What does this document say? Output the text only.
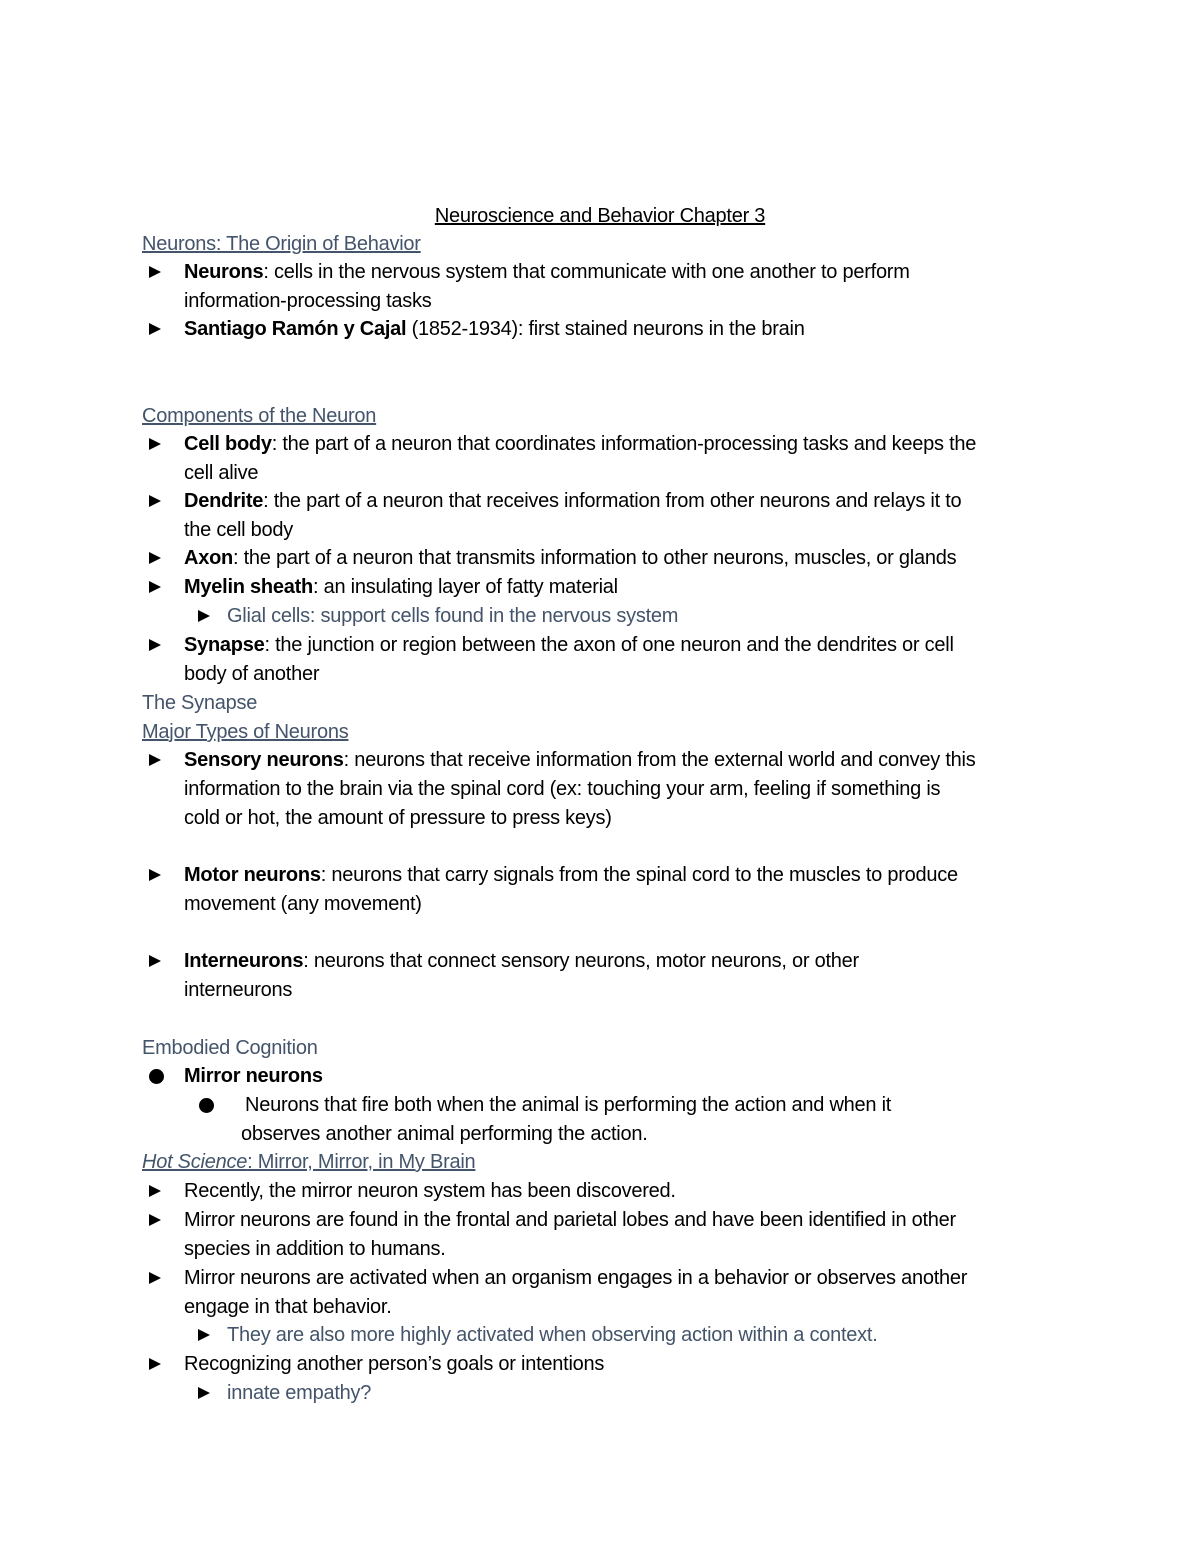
Neuroscience and Behavior Chapter 3
Neurons: The Origin of Behavior
Neurons: cells in the nervous system that communicate with one another to perform
information-processing tasks
Santiago Ramón y Cajal (1852-1934): first stained neurons in the brain
Components of the Neuron
Cell body: the part of a neuron that coordinates information-processing tasks and keeps the
cell alive
Dendrite: the part of a neuron that receives information from other neurons and relays it to
the cell body
Axon: the part of a neuron that transmits information to other neurons, muscles, or glands
Myelin sheath: an insulating layer of fatty material
Glial cells: support cells found in the nervous system
Synapse: the junction or region between the axon of one neuron and the dendrites or cell
body of another
The Synapse
Major Types of Neurons
Sensory neurons: neurons that receive information from the external world and convey this
information to the brain via the spinal cord (ex: touching your arm, feeling if something is
cold or hot, the amount of pressure to press keys)
Motor neurons: neurons that carry signals from the spinal cord to the muscles to produce
movement (any movement)
Interneurons: neurons that connect sensory neurons, motor neurons, or other
interneurons
Embodied Cognition
Mirror neurons
Neurons that fire both when the animal is performing the action and when it
observes another animal performing the action.
Hot Science: Mirror, Mirror, in My Brain
Recently, the mirror neuron system has been discovered.
Mirror neurons are found in the frontal and parietal lobes and have been identified in other
species in addition to humans.
Mirror neurons are activated when an organism engages in a behavior or observes another
engage in that behavior.
They are also more highly activated when observing action within a context.
Recognizing another person’s goals or intentions
innate empathy?
